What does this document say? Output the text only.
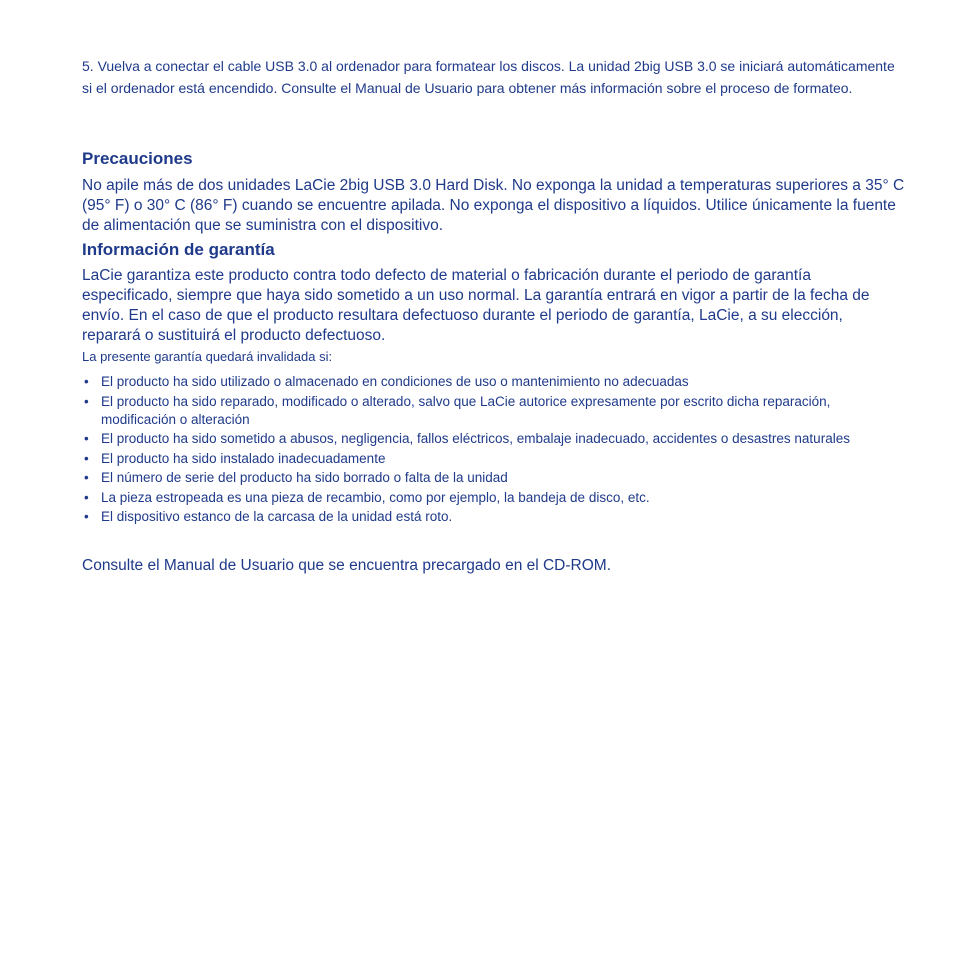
5. Vuelva a conectar el cable USB 3.0 al ordenador para formatear los discos. La unidad 2big USB 3.0 se iniciará automáticamente si el ordenador está encendido. Consulte el Manual de Usuario para obtener más información sobre el proceso de formateo.

Precauciones

No apile más de dos unidades LaCie 2big USB 3.0 Hard Disk. No exponga la unidad a temperaturas superiores a 35° C (95° F) o 30° C (86° F) cuando se encuentre apilada. No exponga el dispositivo a líquidos. Utilice únicamente la fuente de alimentación que se suministra con el dispositivo.

Información de garantía

LaCie garantiza este producto contra todo defecto de material o fabricación durante el periodo de garantía especificado, siempre que haya sido sometido a un uso normal. La garantía entrará en vigor a partir de la fecha de envío. En el caso de que el producto resultara defectuoso durante el periodo de garantía, LaCie, a su elección, reparará o sustituirá el producto defectuoso.

La presente garantía quedará invalidada si:

• El producto ha sido utilizado o almacenado en condiciones de uso o mantenimiento no adecuadas
• El producto ha sido reparado, modificado o alterado, salvo que LaCie autorice expresamente por escrito dicha reparación, modificación o alteración
• El producto ha sido sometido a abusos, negligencia, fallos eléctricos, embalaje inadecuado, accidentes o desastres naturales
• El producto ha sido instalado inadecuadamente
• El número de serie del producto ha sido borrado o falta de la unidad
• La pieza estropeada es una pieza de recambio, como por ejemplo, la bandeja de disco, etc.
• El dispositivo estanco de la carcasa de la unidad está roto.

Consulte el Manual de Usuario que se encuentra precargado en el CD-ROM.
